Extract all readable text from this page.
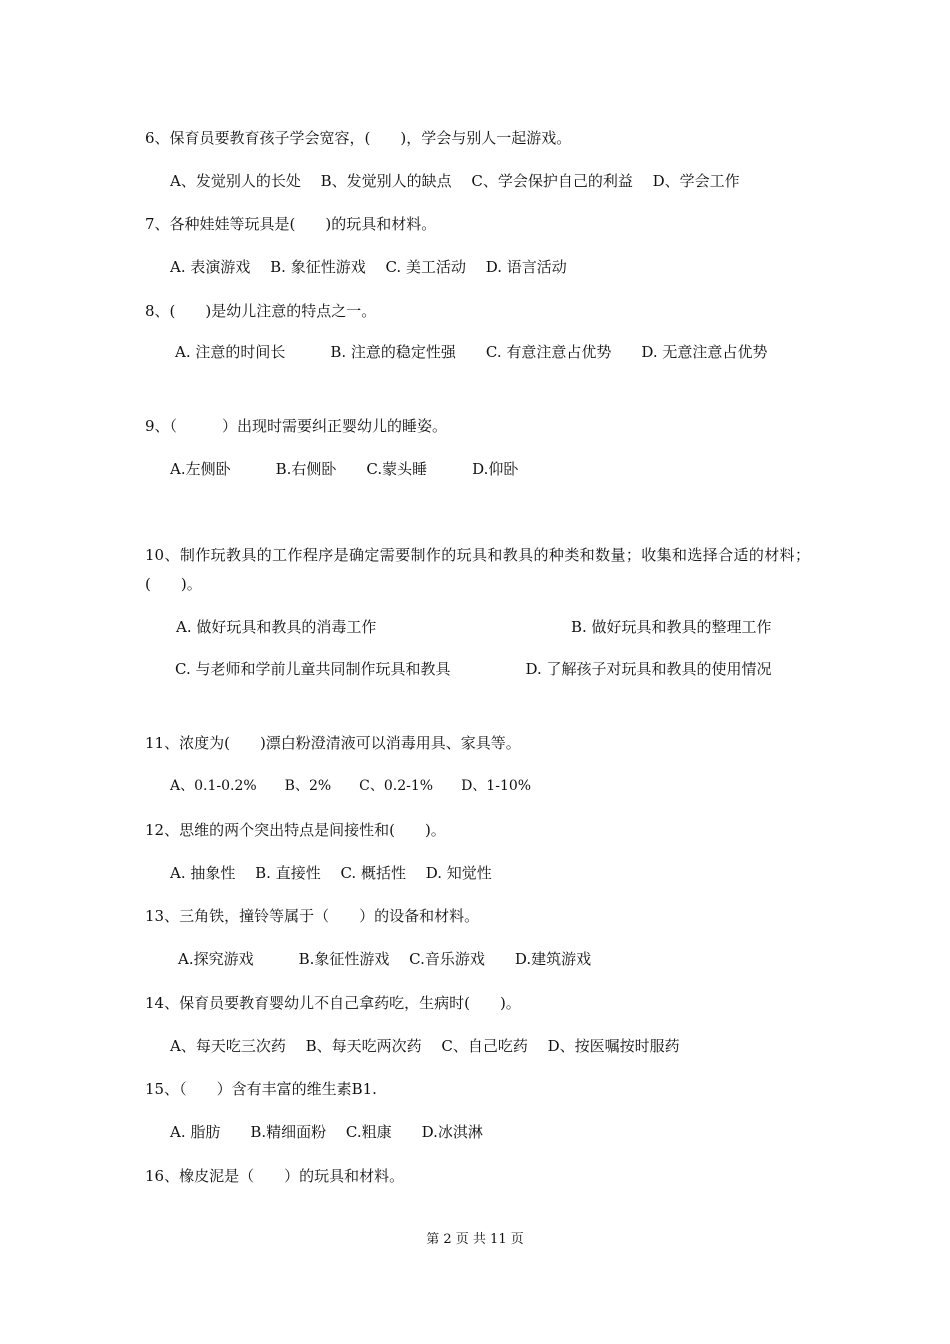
6、保育员要教育孩子学会宽容，(　　)，学会与别人一起游戏。
A、发觉别人的长处　 B、发觉别人的缺点　 C、学会保护自己的利益　 D、学会工作
7、各种娃娃等玩具是(　　)的玩具和材料。
A. 表演游戏　 B. 象征性游戏　 C. 美工活动　 D. 语言活动
8、(　　)是幼儿注意的特点之一。
A. 注意的时间长　　　B. 注意的稳定性强　　C. 有意注意占优势　　D. 无意注意占优势
9、（　　　）出现时需要纠正婴幼儿的睡姿。
A.左侧卧　　　B.右侧卧　　C.蒙头睡　　　D.仰卧
10、制作玩教具的工作程序是确定需要制作的玩具和教具的种类和数量；收集和选择合适的材料；(　　)。
A. 做好玩具和教具的消毒工作	B. 做好玩具和教具的整理工作
C. 与老师和学前儿童共同制作玩具和教具　　　　　D. 了解孩子对玩具和教具的使用情况
11、浓度为(　　)漂白粉澄清液可以消毒用具、家具等。
A、0.1-0.2%　　B、2%　　C、0.2-1%　　D、1-10%
12、思维的两个突出特点是间接性和(　　)。
A. 抽象性　 B. 直接性　 C. 概括性　 D. 知觉性
13、三角铁，撞铃等属于（　　）的设备和材料。
A.探究游戏　　　B.象征性游戏　 C.音乐游戏　　D.建筑游戏
14、保育员要教育婴幼儿不自己拿药吃，生病时(　　)。
A、每天吃三次药　 B、每天吃两次药　 C、自己吃药　 D、按医嘱按时服药
15、（　　）含有丰富的维生素B1.
A. 脂肪　　B.精细面粉　 C.粗康　　D.冰淇淋
16、橡皮泥是（　　）的玩具和材料。
第 2 页 共 11 页
